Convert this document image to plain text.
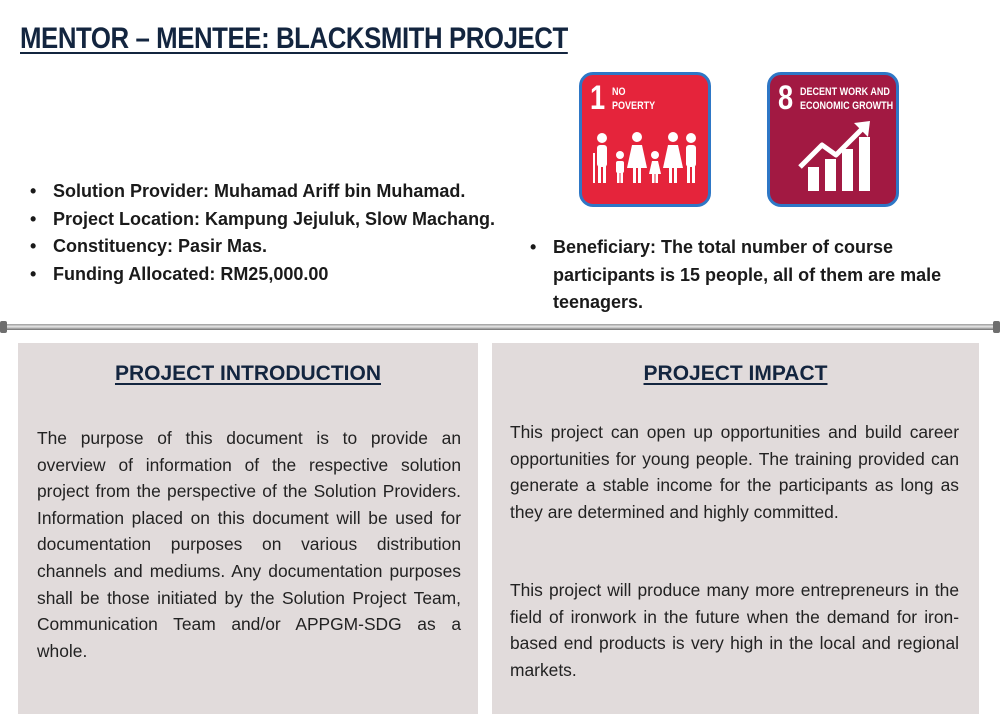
MENTOR – MENTEE: BLACKSMITH PROJECT
1 NO
POVERTY	8 DECENT WORK AND
ECONOMIC GROWTH
• Solution Provider: Muhamad Ariff bin Muhamad.
• Project Location: Kampung Jejuluk, Slow Machang.
• Constituency: Pasir Mas.
• Funding Allocated: RM25,000.00
• Beneficiary: The total number of course participants is 15 people, all of them are male teenagers.
PROJECT INTRODUCTION

The purpose of this document is to provide an overview of information of the respective solution project from the perspective of the Solution Providers. Information placed on this document will be used for documentation purposes on various distribution channels and mediums. Any documentation purposes shall be those initiated by the Solution Project Team, Communication Team and/or APPGM-SDG as a whole.

PROJECT IMPACT

This project can open up opportunities and build career opportunities for young people. The training provided can generate a stable income for the participants as long as they are determined and highly committed.

This project will produce many more entrepreneurs in the field of ironwork in the future when the demand for iron-based end products is very high in the local and regional markets.
